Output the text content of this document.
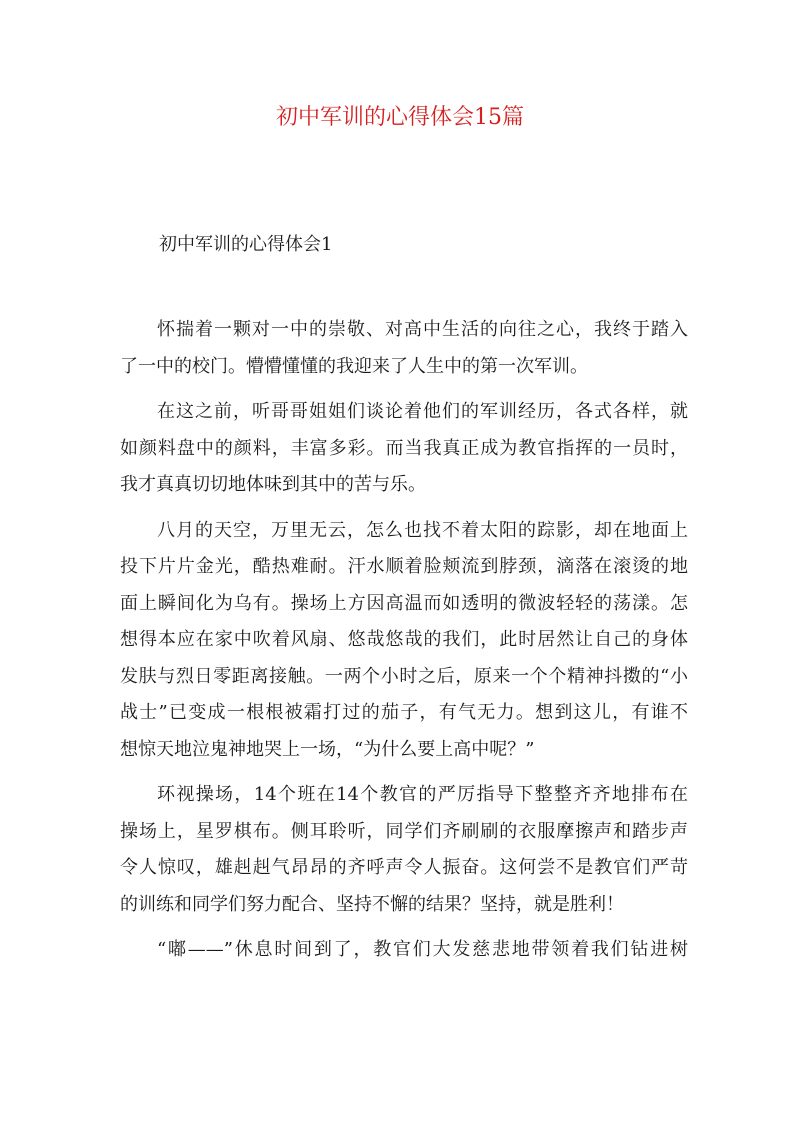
初中军训的心得体会15篇
初中军训的心得体会1

怀揣着一颗对一中的崇敬、对高中生活的向往之心，我终于踏入
了一中的校门。懵懵懂懂的我迎来了人生中的第一次军训。

在这之前，听哥哥姐姐们谈论着他们的军训经历，各式各样，就
如颜料盘中的颜料，丰富多彩。而当我真正成为教官指挥的一员时，
我才真真切切地体味到其中的苦与乐。

八月的天空，万里无云，怎么也找不着太阳的踪影，却在地面上
投下片片金光，酷热难耐。汗水顺着脸颊流到脖颈，滴落在滚烫的地
面上瞬间化为乌有。操场上方因高温而如透明的微波轻轻的荡漾。怎
想得本应在家中吹着风扇、悠哉悠哉的我们，此时居然让自己的身体
发肤与烈日零距离接触。一两个小时之后，原来一个个精神抖擞的“小
战士”已变成一根根被霜打过的茄子，有气无力。想到这儿，有谁不
想惊天地泣鬼神地哭上一场，“为什么要上高中呢？”

环视操场，14个班在14个教官的严厉指导下整整齐齐地排布在
操场上，星罗棋布。侧耳聆听，同学们齐刷刷的衣服摩擦声和踏步声
令人惊叹，雄赳赳气昂昂的齐呼声令人振奋。这何尝不是教官们严苛
的训练和同学们努力配合、坚持不懈的结果？坚持，就是胜利！

“嘟——”休息时间到了，教官们大发慈悲地带领着我们钻进树
